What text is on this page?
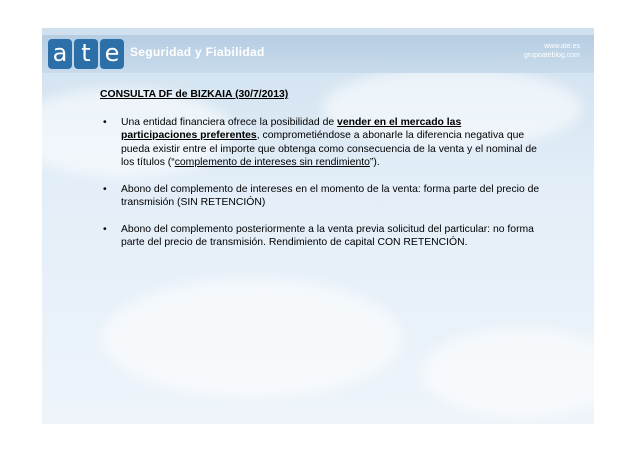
a t e Seguridad y Fiabilidad	www.ate.es
grupoateblog.com
CONSULTA DF de BIZKAIA (30/7/2013)
• Una entidad financiera ofrece la posibilidad de vender en el mercado las participaciones preferentes, comprometiéndose a abonarle la diferencia negativa que pueda existir entre el importe que obtenga como consecuencia de la venta y el nominal de los títulos (“complemento de intereses sin rendimiento”).
• Abono del complemento de intereses en el momento de la venta: forma parte del precio de transmisión (SIN RETENCIÓN)
• Abono del complemento posteriormente a la venta previa solicitud del particular: no forma parte del precio de transmisión. Rendimiento de capital CON RETENCIÓN.
